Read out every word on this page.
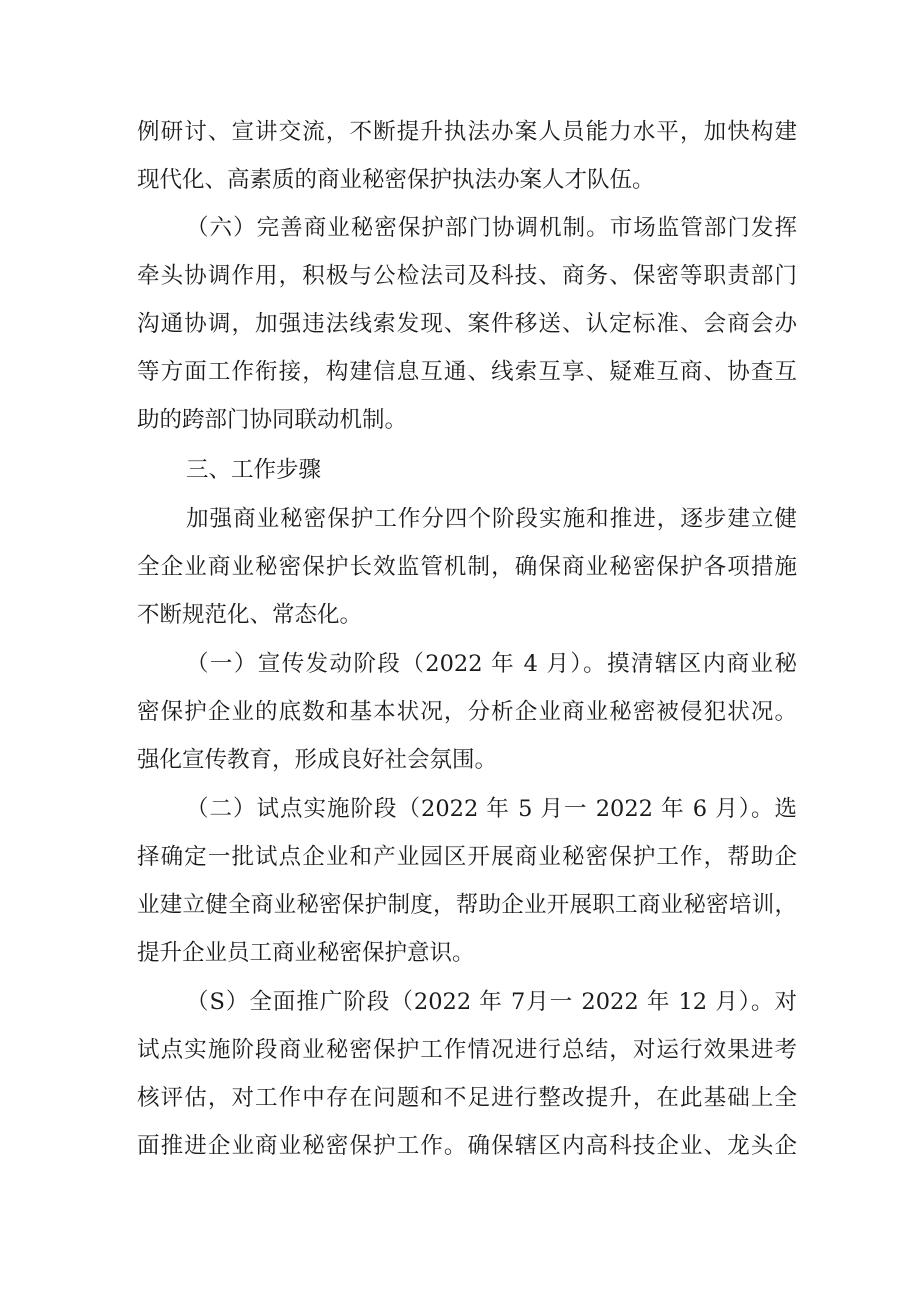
例研讨、宣讲交流，不断提升执法办案人员能力水平，加快构建
现代化、高素质的商业秘密保护执法办案人才队伍。
（六）完善商业秘密保护部门协调机制。市场监管部门发挥
牵头协调作用，积极与公检法司及科技、商务、保密等职责部门
沟通协调，加强违法线索发现、案件移送、认定标准、会商会办
等方面工作衔接，构建信息互通、线索互享、疑难互商、协查互
助的跨部门协同联动机制。
三、工作步骤
加强商业秘密保护工作分四个阶段实施和推进，逐步建立健
全企业商业秘密保护长效监管机制，确保商业秘密保护各项措施
不断规范化、常态化。
（一）宣传发动阶段（2022 年 4 月）。摸清辖区内商业秘
密保护企业的底数和基本状况，分析企业商业秘密被侵犯状况。
强化宣传教育，形成良好社会氛围。
（二）试点实施阶段（2022 年 5 月一 2022 年 6 月）。选
择确定一批试点企业和产业园区开展商业秘密保护工作，帮助企
业建立健全商业秘密保护制度，帮助企业开展职工商业秘密培训，
提升企业员工商业秘密保护意识。
（S）全面推广阶段（2022 年 7月一 2022 年 12 月）。对
试点实施阶段商业秘密保护工作情况进行总结，对运行效果进考
核评估，对工作中存在问题和不足进行整改提升，在此基础上全
面推进企业商业秘密保护工作。确保辖区内高科技企业、龙头企
